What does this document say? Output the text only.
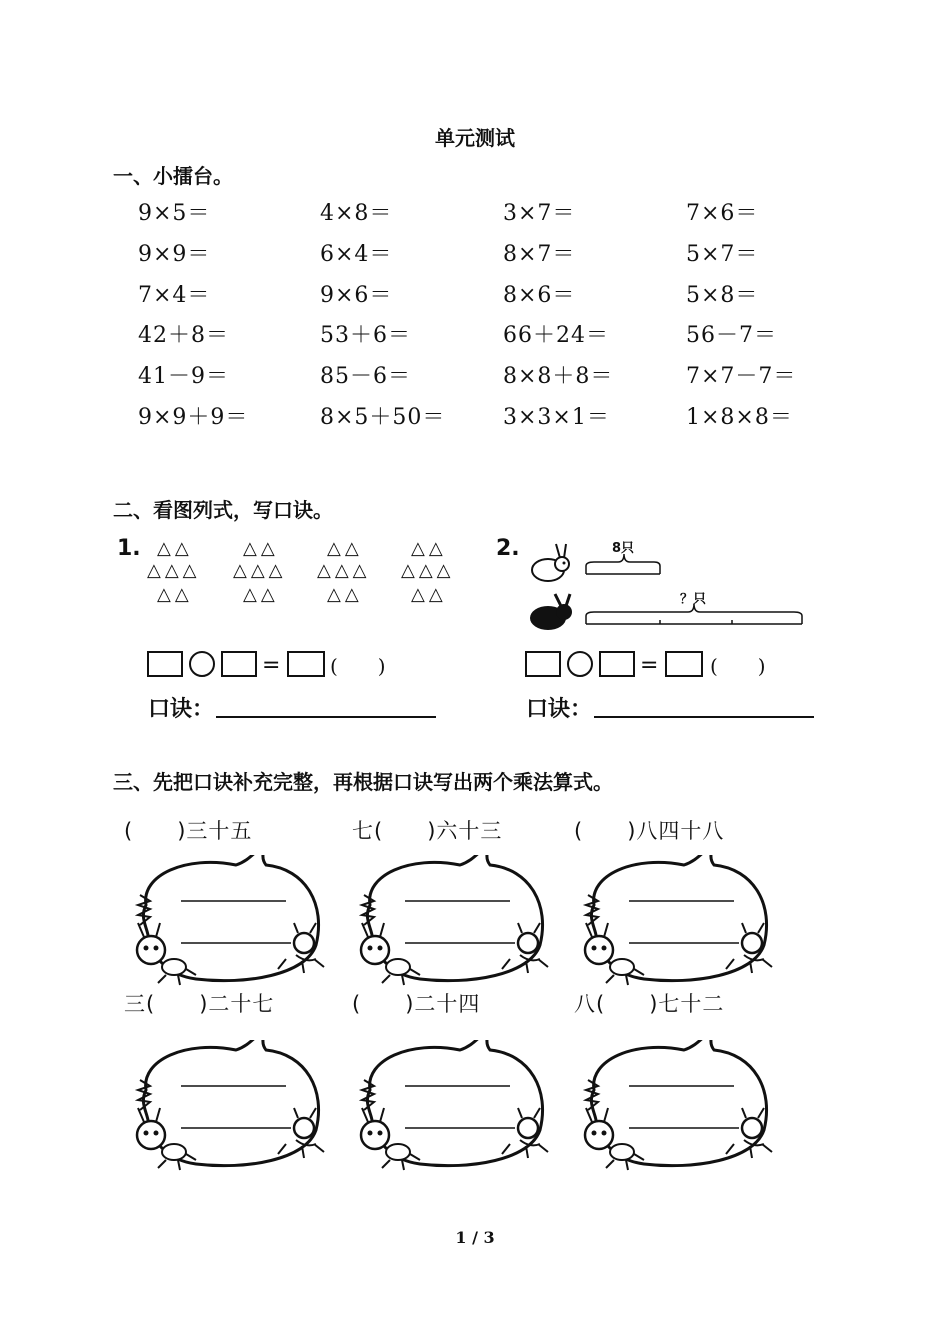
单元测试
一、小擂台。
9×5＝	4×8＝	3×7＝	7×6＝
9×9＝	6×4＝	8×7＝	5×7＝
7×4＝	9×6＝	8×6＝	5×8＝
42＋8＝	53＋6＝	66＋24＝	56－7＝
41－9＝	85－6＝	8×8＋8＝	7×7－7＝
9×9＋9＝	8×5＋50＝	3×3×1＝	1×8×8＝
二、看图列式，写口诀。
1. △△
△△△
△△
△△
△△△
△△
△△
△△△
△△
△△
△△△
△△
= (　　)
口诀：
2.	8只
？只
=	(　　)
口诀：
三、先把口诀补充完整，再根据口诀写出两个乘法算式。
(　　)三十五	七(　　)六十三	(　　)八四十八
三(　　)二十七	(　　)二十四	八(　　)七十二
1 / 3
